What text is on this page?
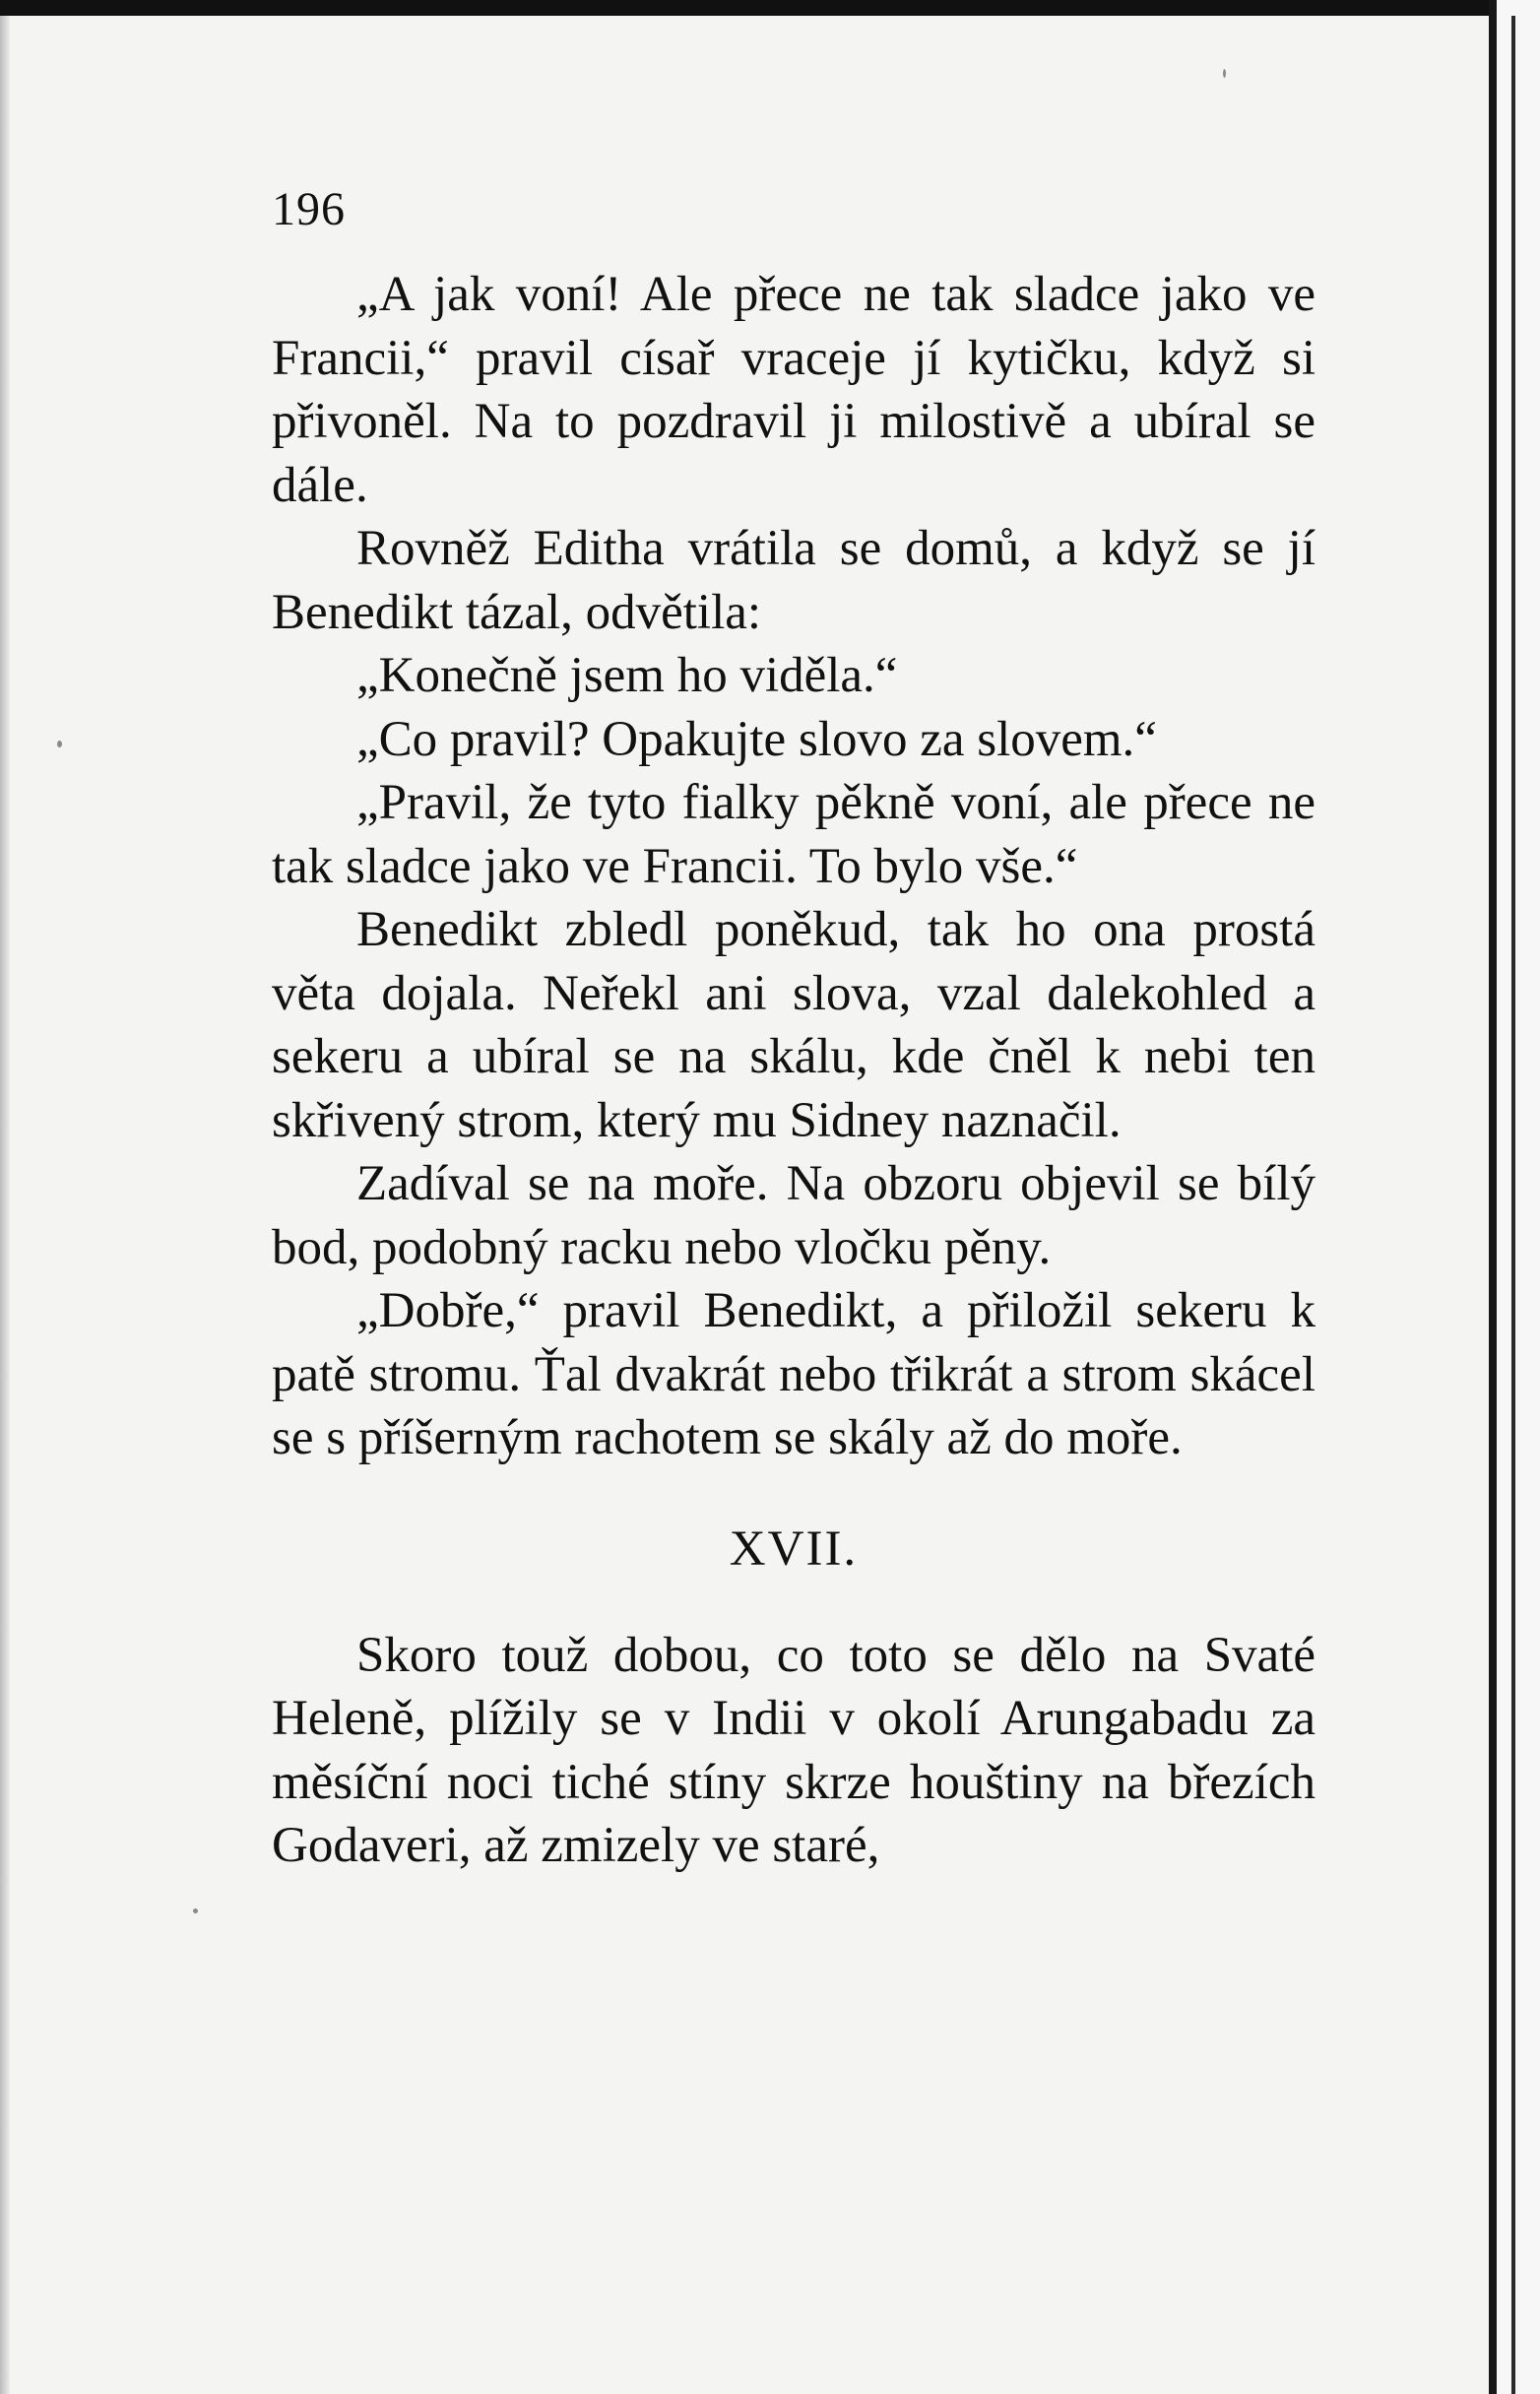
196

„A jak voní! Ale přece ne tak sladce jako ve Francii,“ pravil císař vraceje jí kytičku, když si přivoněl. Na to pozdravil ji milostivě a ubíral se dále.

Rovněž Editha vrátila se domů, a když se jí Benedikt tázal, odvětila:

„Konečně jsem ho viděla.“

„Co pravil? Opakujte slovo za slovem.“

„Pravil, že tyto fialky pěkně voní, ale přece ne tak sladce jako ve Francii. To bylo vše.“

Benedikt zbledl poněkud, tak ho ona prostá věta dojala. Neřekl ani slova, vzal dalekohled a sekeru a ubíral se na skálu, kde čněl k nebi ten skřivený strom, který mu Sidney naznačil.

Zadíval se na moře. Na obzoru objevil se bílý bod, podobný racku nebo vločku pěny.

„Dobře,“ pravil Benedikt, a přiložil sekeru k patě stromu. Ťal dvakrát nebo třikrát a strom skácel se s příšerným rachotem se skály až do moře.

XVII.

Skoro touž dobou, co toto se dělo na Svaté Heleně, plížily se v Indii v okolí Arungabadu za měsíční noci tiché stíny skrze houštiny na březích Godaveri, až zmizely ve staré,
